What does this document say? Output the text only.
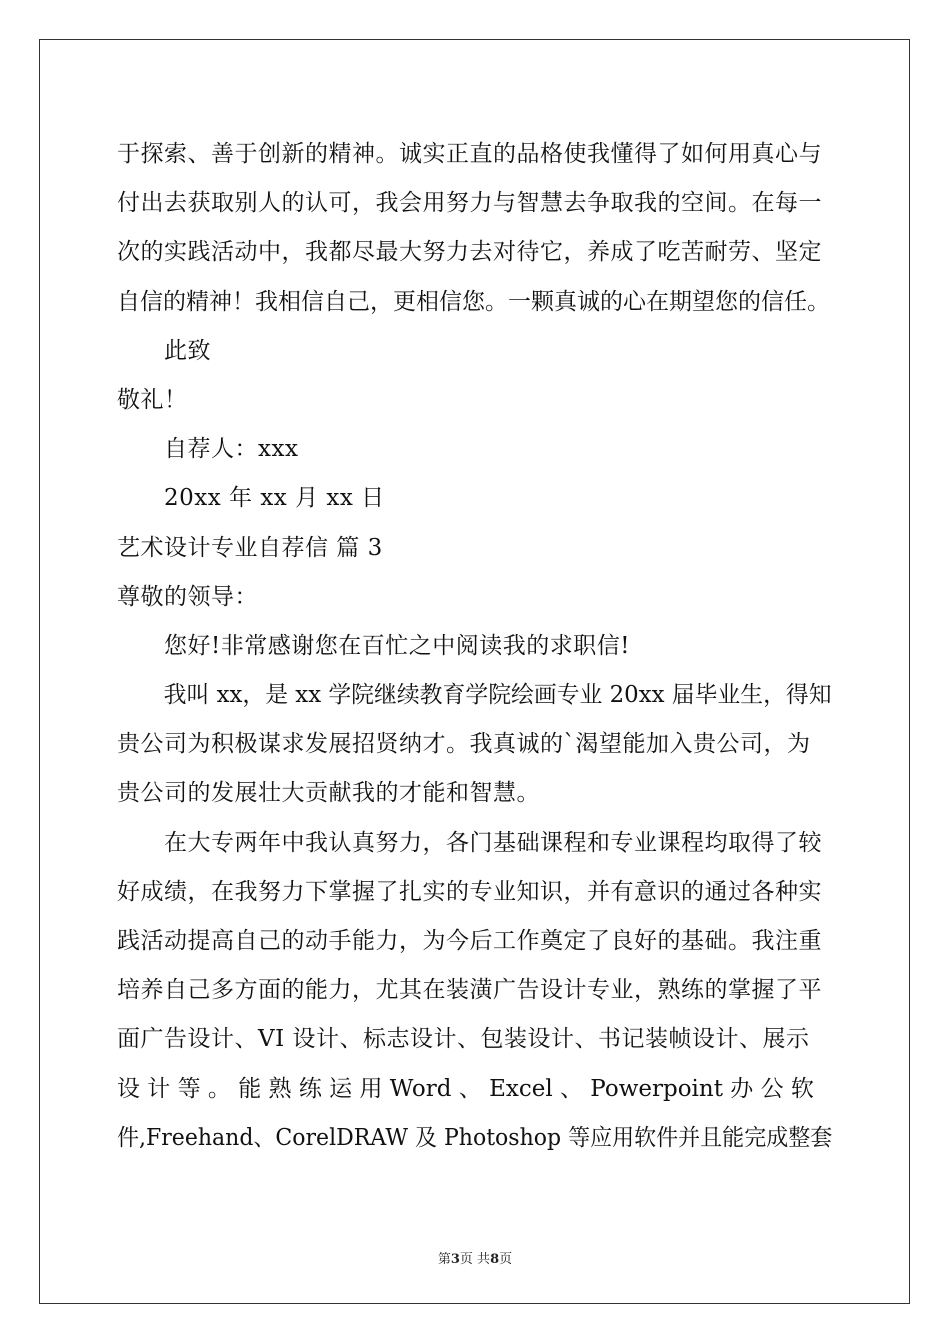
于探索、善于创新的精神。诚实正直的品格使我懂得了如何用真心与
付出去获取别人的认可，我会用努力与智慧去争取我的空间。在每一
次的实践活动中，我都尽最大努力去对待它，养成了吃苦耐劳、坚定
自信的精神！我相信自己，更相信您。一颗真诚的心在期望您的信任。
此致
敬礼！
自荐人：xxx
20xx 年 xx 月 xx 日
艺术设计专业自荐信 篇 3
尊敬的领导：
您好!非常感谢您在百忙之中阅读我的求职信!
我叫 xx，是 xx 学院继续教育学院绘画专业 20xx 届毕业生，得知
贵公司为积极谋求发展招贤纳才。我真诚的`渴望能加入贵公司，为
贵公司的发展壮大贡献我的才能和智慧。
在大专两年中我认真努力，各门基础课程和专业课程均取得了较
好成绩，在我努力下掌握了扎实的专业知识，并有意识的通过各种实
践活动提高自己的动手能力，为今后工作奠定了良好的基础。我注重
培养自己多方面的能力，尤其在装潢广告设计专业，熟练的掌握了平
面广告设计、VI 设计、标志设计、包装设计、书记装帧设计、展示
设 计 等 。 能 熟 练 运 用 Word 、 Excel 、 Powerpoint 办 公 软
件,Freehand、CorelDRAW 及 Photoshop 等应用软件并且能完成整套
第3页 共8页
